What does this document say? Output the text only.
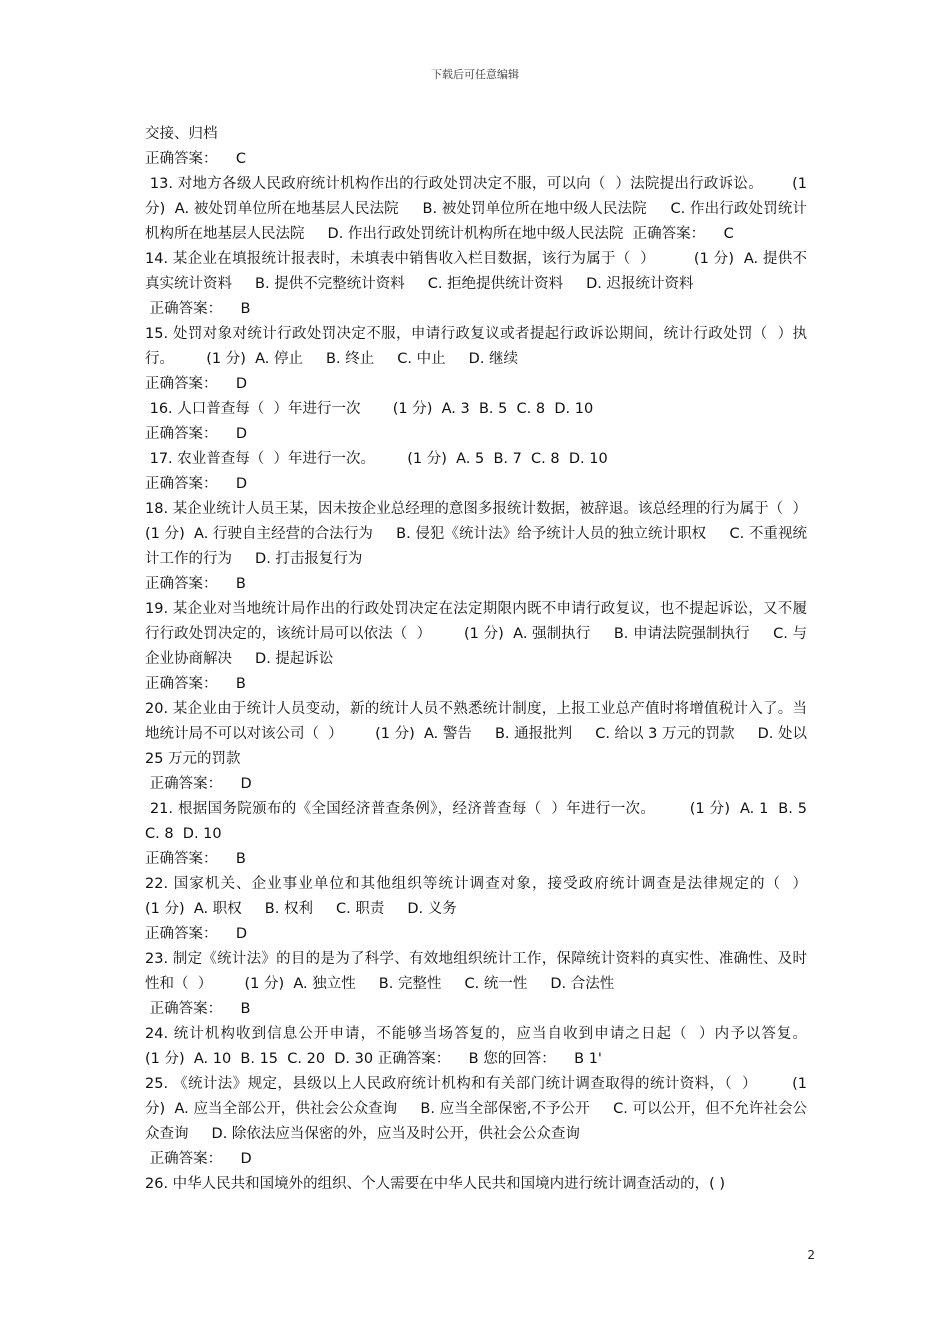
下载后可任意编辑

交接、归档

正确答案：    C

13. 对地方各级人民政府统计机构作出的行政处罚决定不服，可以向（  ）法院提出行政诉讼。      (1 分)  A. 被处罚单位所在地基层人民法院     B. 被处罚单位所在地中级人民法院     C. 作出行政处罚统计机构所在地基层人民法院     D. 作出行政处罚统计机构所在地中级人民法院  正确答案：    C

14. 某企业在填报统计报表时，未填表中销售收入栏目数据，该行为属于（  ）        (1 分)  A. 提供不真实统计资料     B. 提供不完整统计资料     C. 拒绝提供统计资料     D. 迟报统计资料

正确答案：    B

15. 处罚对象对统计行政处罚决定不服，申请行政复议或者提起行政诉讼期间，统计行政处罚（  ）执行。       (1 分)  A. 停止     B. 终止     C. 中止     D. 继续

正确答案：    D

16. 人口普查每（  ）年进行一次       (1 分)  A. 3  B. 5  C. 8  D. 10

正确答案：    D

17. 农业普查每（  ）年进行一次。       (1 分)  A. 5  B. 7  C. 8  D. 10

正确答案：    D

18. 某企业统计人员王某，因未按企业总经理的意图多报统计数据，被辞退。该总经理的行为属于（  ）       (1 分)  A. 行驶自主经营的合法行为     B. 侵犯《统计法》给予统计人员的独立统计职权     C. 不重视统计工作的行为     D. 打击报复行为

正确答案：    B

19. 某企业对当地统计局作出的行政处罚决定在法定期限内既不申请行政复议，也不提起诉讼，又不履行行政处罚决定的，该统计局可以依法（  ）       (1 分)  A. 强制执行     B. 申请法院强制执行     C. 与企业协商解决     D. 提起诉讼

正确答案：    B

20. 某企业由于统计人员变动，新的统计人员不熟悉统计制度，上报工业总产值时将增值税计入了。当地统计局不可以对该公司（  ）       (1 分)  A. 警告     B. 通报批判     C. 给以 3 万元的罚款     D. 处以 25 万元的罚款

正确答案：    D

21. 根据国务院颁布的《全国经济普查条例》，经济普查每（  ）年进行一次。       (1 分)  A. 1  B. 5  C. 8  D. 10

正确答案：    B

22. 国家机关、企业事业单位和其他组织等统计调查对象，接受政府统计调查是法律规定的（  ）       (1 分)  A. 职权     B. 权利     C. 职责     D. 义务

正确答案：    D

23. 制定《统计法》的目的是为了科学、有效地组织统计工作，保障统计资料的真实性、准确性、及时性和（  ）       (1 分)  A. 独立性     B. 完整性     C. 统一性     D. 合法性

正确答案：    B

24. 统计机构收到信息公开申请，不能够当场答复的，应当自收到申请之日起（  ）内予以答复。       (1 分)  A. 10  B. 15  C. 20  D. 30 正确答案：    B 您的回答：    B 1'

25. 《统计法》规定，县级以上人民政府统计机构和有关部门统计调查取得的统计资料，（  ）       (1 分)  A. 应当全部公开，供社会公众查询     B. 应当全部保密,不予公开     C. 可以公开，但不允许社会公众查询     D. 除依法应当保密的外，应当及时公开，供社会公众查询

正确答案：    D

26. 中华人民共和国境外的组织、个人需要在中华人民共和国境内进行统计调查活动的，( )

2
